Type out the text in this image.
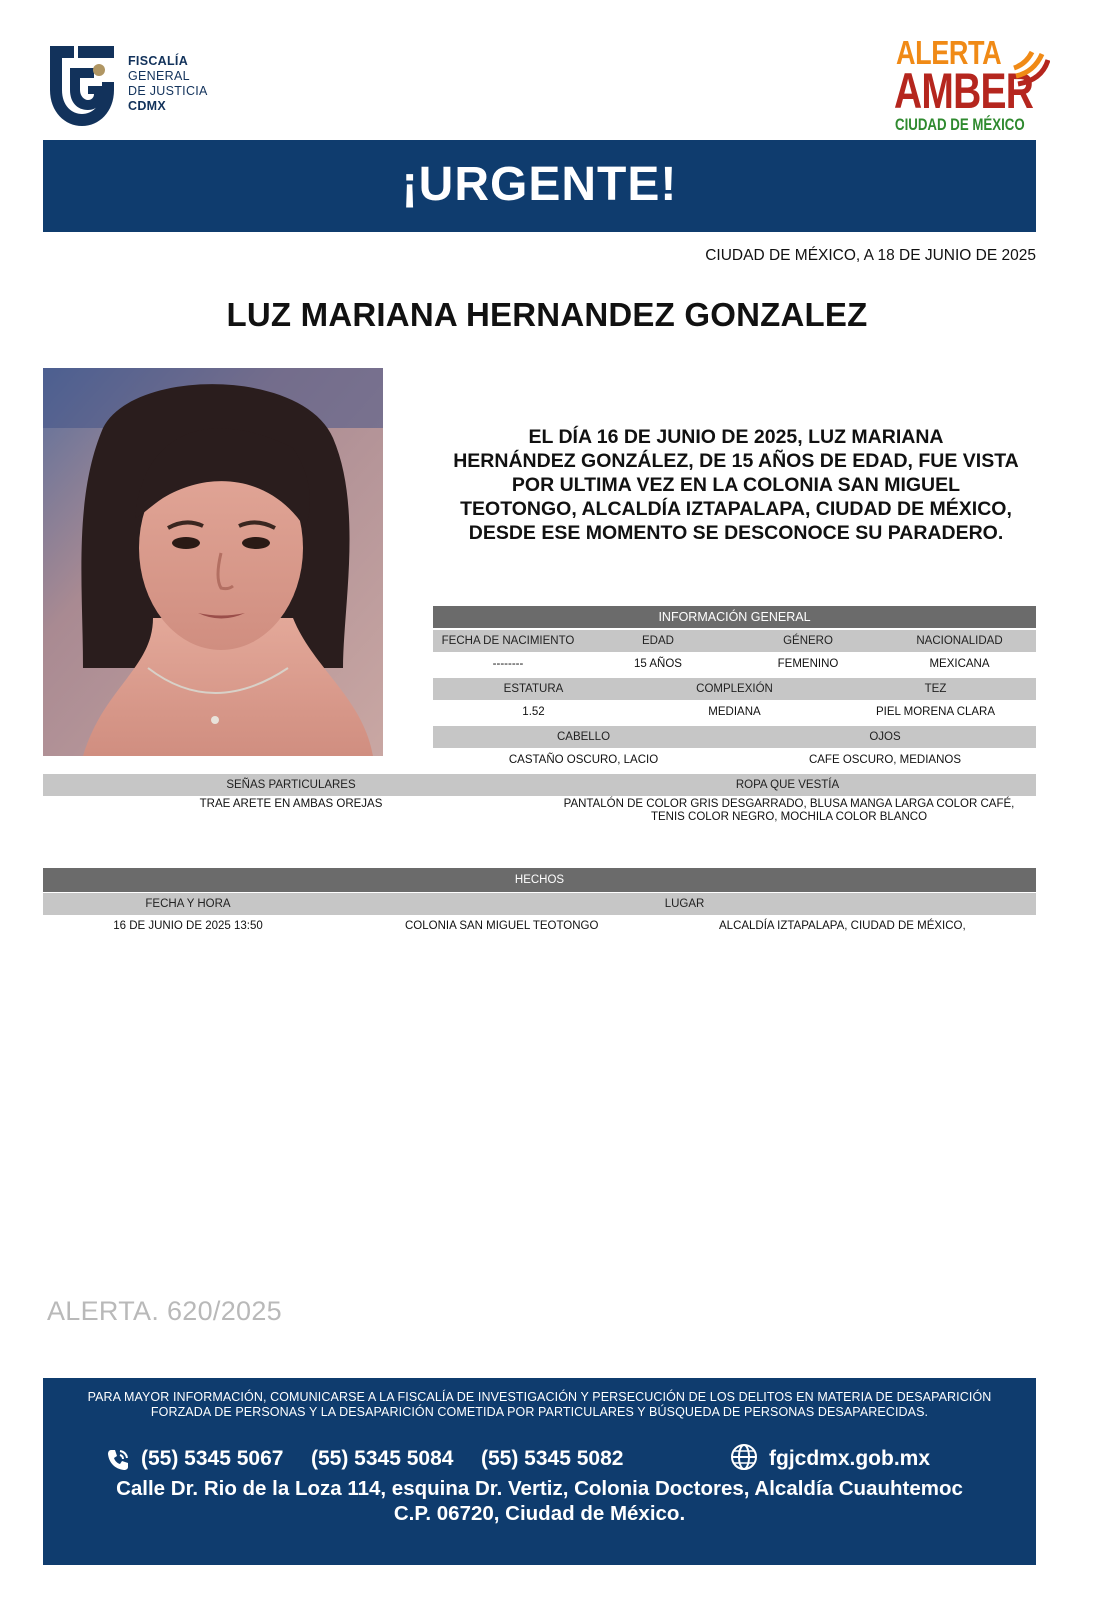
FISCALÍA
GENERAL
DE JUSTICIA
CDMX
ALERTA
AMBER
CIUDAD DE MÉXICO
¡URGENTE!
CIUDAD DE MÉXICO, A 18 DE JUNIO DE 2025
LUZ MARIANA HERNANDEZ GONZALEZ
EL DÍA 16 DE JUNIO DE 2025, LUZ MARIANA
HERNÁNDEZ GONZÁLEZ, DE 15 AÑOS DE EDAD, FUE VISTA
POR ULTIMA VEZ EN LA COLONIA SAN MIGUEL
TEOTONGO, ALCALDÍA IZTAPALAPA, CIUDAD DE MÉXICO,
DESDE ESE MOMENTO SE DESCONOCE SU PARADERO.
INFORMACIÓN GENERAL
FECHA DE NACIMIENTO	EDAD	GÉNERO	NACIONALIDAD
--------	15 AÑOS	FEMENINO	MEXICANA
ESTATURA	COMPLEXIÓN	TEZ
1.52	MEDIANA	PIEL MORENA CLARA
CABELLO	OJOS
CASTAÑO OSCURO, LACIO	CAFE OSCURO, MEDIANOS
SEÑAS PARTICULARES	ROPA QUE VESTÍA
TRAE ARETE EN AMBAS OREJAS	PANTALÓN DE COLOR GRIS DESGARRADO, BLUSA MANGA LARGA COLOR CAFÉ,
TENIS COLOR NEGRO, MOCHILA COLOR BLANCO
HECHOS
FECHA Y HORA	LUGAR
16 DE JUNIO DE 2025 13:50	COLONIA SAN MIGUEL TEOTONGO	ALCALDÍA IZTAPALAPA, CIUDAD DE MÉXICO,
ALERTA. 620/2025
PARA MAYOR INFORMACIÓN, COMUNICARSE A LA FISCALÍA DE INVESTIGACIÓN Y PERSECUCIÓN DE LOS DELITOS EN MATERIA DE DESAPARICIÓN
FORZADA DE PERSONAS Y LA DESAPARICIÓN COMETIDA POR PARTICULARES Y BÚSQUEDA DE PERSONAS DESAPARECIDAS.
(55) 5345 5067 (55) 5345 5084 (55) 5345 5082	fgjcdmx.gob.mx
Calle Dr. Rio de la Loza 114, esquina Dr. Vertiz, Colonia Doctores, Alcaldía Cuauhtemoc
C.P. 06720, Ciudad de México.
